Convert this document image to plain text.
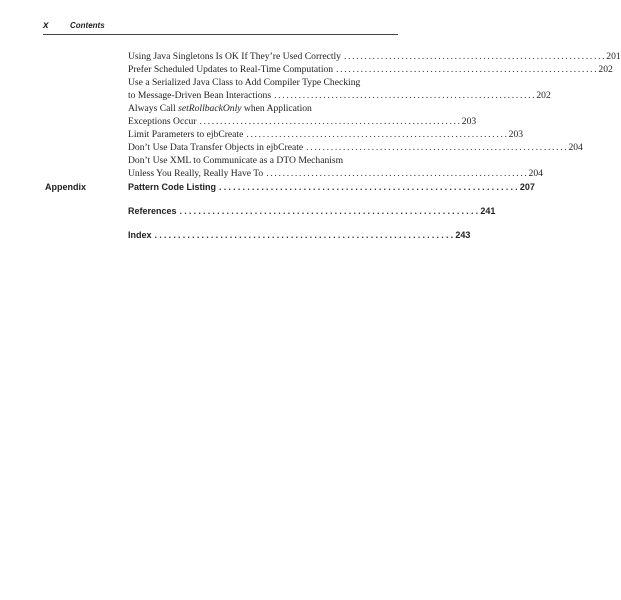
x	Contents
Using Java Singletons Is OK If They’re Used Correctly ................................................................ 201
Prefer Scheduled Updates to Real-Time Computation ................................................................ 202
Use a Serialized Java Class to Add Compiler Type Checking
to Message-Driven Bean Interactions ................................................................ 202
Always Call setRollbackOnly when Application
Exceptions Occur ................................................................ 203
Limit Parameters to ejbCreate ................................................................ 203
Don’t Use Data Transfer Objects in ejbCreate ................................................................ 204
Don’t Use XML to Communicate as a DTO Mechanism
Unless You Really, Really Have To ................................................................ 204
Appendix	Pattern Code Listing ................................................................ 207
References ................................................................ 241
Index ................................................................ 243
